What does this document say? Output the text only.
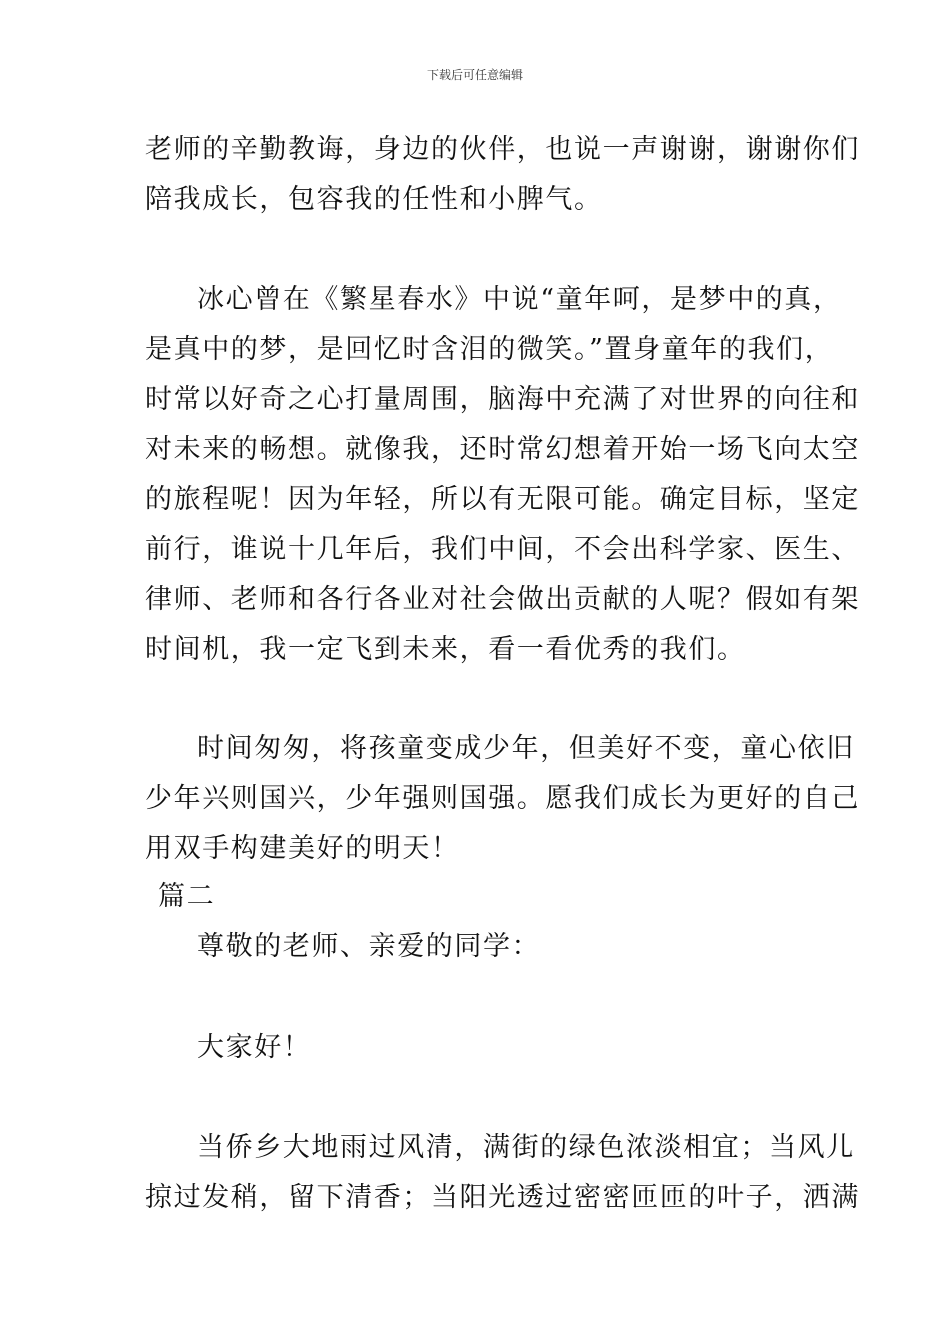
下载后可任意编辑
老师的辛勤教诲，身边的伙伴，也说一声谢谢，谢谢你们
陪我成长，包容我的任性和小脾气。
冰心曾在《繁星春水》中说“童年呵，是梦中的真，
是真中的梦，是回忆时含泪的微笑。”置身童年的我们，
时常以好奇之心打量周围，脑海中充满了对世界的向往和
对未来的畅想。就像我，还时常幻想着开始一场飞向太空
的旅程呢！因为年轻，所以有无限可能。确定目标，坚定
前行，谁说十几年后，我们中间，不会出科学家、医生、
律师、老师和各行各业对社会做出贡献的人呢？假如有架
时间机，我一定飞到未来，看一看优秀的我们。
时间匆匆，将孩童变成少年，但美好不变，童心依旧
少年兴则国兴，少年强则国强。愿我们成长为更好的自己
用双手构建美好的明天！
篇二
尊敬的老师、亲爱的同学：
大家好！
当侨乡大地雨过风清，满街的绿色浓淡相宜；当风儿
掠过发稍，留下清香；当阳光透过密密匝匝的叶子，洒满
